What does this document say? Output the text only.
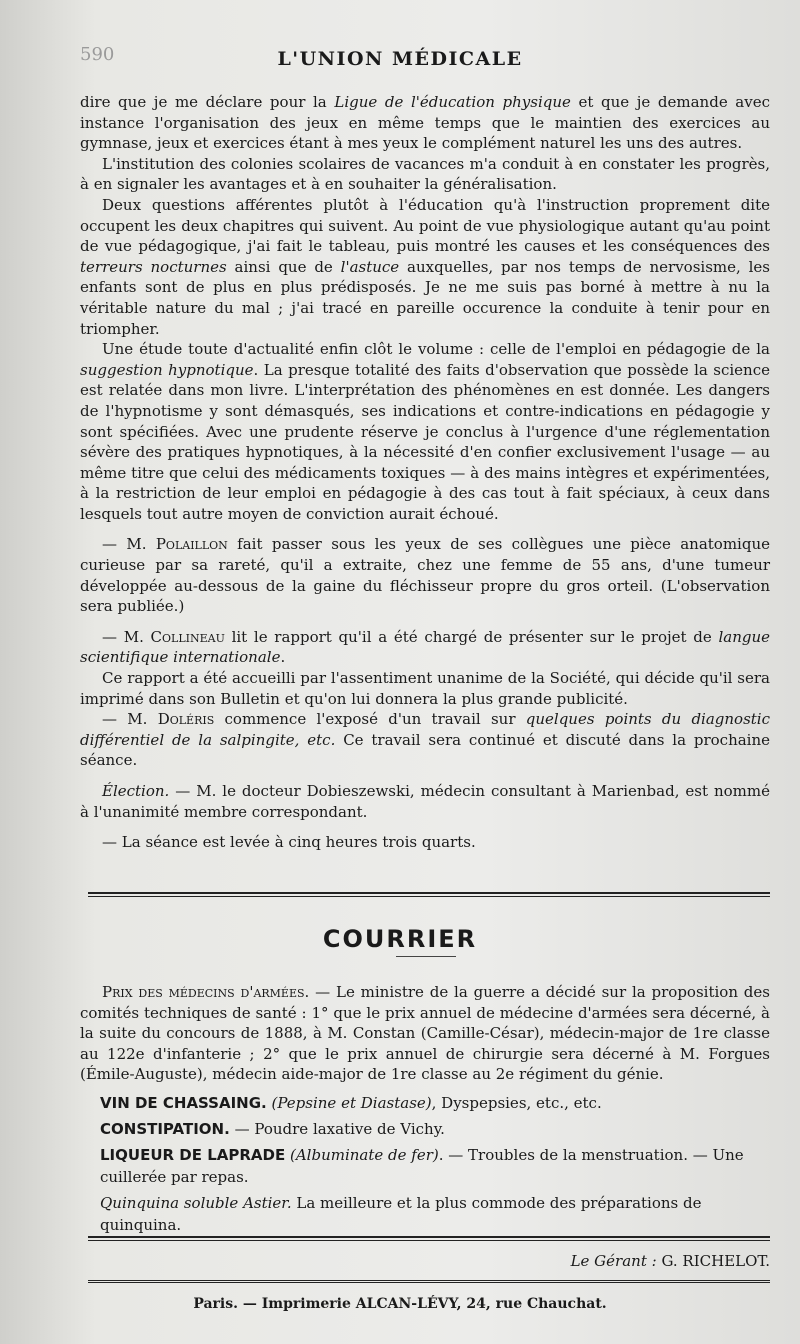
590	L'UNION MÉDICALE

dire que je me déclare pour la Ligue de l'éducation physique et que je demande avec instance l'organisation des jeux en même temps que le maintien des exercices au gymnase, jeux et exercices étant à mes yeux le complément naturel les uns des autres.

L'institution des colonies scolaires de vacances m'a conduit à en constater les progrès, à en signaler les avantages et à en souhaiter la généralisation.

Deux questions afférentes plutôt à l'éducation qu'à l'instruction proprement dite occupent les deux chapitres qui suivent. Au point de vue physiologique autant qu'au point de vue pédagogique, j'ai fait le tableau, puis montré les causes et les conséquences des terreurs nocturnes ainsi que de l'astuce auxquelles, par nos temps de nervosisme, les enfants sont de plus en plus prédisposés. Je ne me suis pas borné à mettre à nu la véritable nature du mal ; j'ai tracé en pareille occurence la conduite à tenir pour en triompher.

Une étude toute d'actualité enfin clôt le volume : celle de l'emploi en pédagogie de la suggestion hypnotique. La presque totalité des faits d'observation que possède la science est relatée dans mon livre. L'interprétation des phénomènes en est donnée. Les dangers de l'hypnotisme y sont démasqués, ses indications et contre-indications en pédagogie y sont spécifiées. Avec une prudente réserve je conclus à l'urgence d'une réglementation sévère des pratiques hypnotiques, à la nécessité d'en confier exclusivement l'usage — au même titre que celui des médicaments toxiques — à des mains intègres et expérimentées, à la restriction de leur emploi en pédagogie à des cas tout à fait spéciaux, à ceux dans lesquels tout autre moyen de conviction aurait échoué.

— M. Polaillon fait passer sous les yeux de ses collègues une pièce anatomique curieuse par sa rareté, qu'il a extraite, chez une femme de 55 ans, d'une tumeur développée au-dessous de la gaine du fléchisseur propre du gros orteil. (L'observation sera publiée.)

— M. Collineau lit le rapport qu'il a été chargé de présenter sur le projet de langue scientifique internationale.

Ce rapport a été accueilli par l'assentiment unanime de la Société, qui décide qu'il sera imprimé dans son Bulletin et qu'on lui donnera la plus grande publicité.

— M. Doléris commence l'exposé d'un travail sur quelques points du diagnostic différentiel de la salpingite, etc. Ce travail sera continué et discuté dans la prochaine séance.

Élection. — M. le docteur Dobieszewski, médecin consultant à Marienbad, est nommé à l'unanimité membre correspondant.

— La séance est levée à cinq heures trois quarts.

COURRIER

Prix des médecins d'armées. — Le ministre de la guerre a décidé sur la proposition des comités techniques de santé : 1° que le prix annuel de médecine d'armées sera décerné, à la suite du concours de 1888, à M. Constan (Camille-César), médecin-major de 1re classe au 122e d'infanterie ; 2° que le prix annuel de chirurgie sera décerné à M. Forgues (Émile-Auguste), médecin aide-major de 1re classe au 2e régiment du génie.

VIN DE CHASSAING. (Pepsine et Diastase), Dyspepsies, etc., etc.

CONSTIPATION. — Poudre laxative de Vichy.

LIQUEUR DE LAPRADE (Albuminate de fer). — Troubles de la menstruation. — Une cuillerée par repas.

Quinquina soluble Astier. La meilleure et la plus commode des préparations de quinquina.

Le Gérant : G. RICHELOT.
Paris. — Imprimerie ALCAN-LÉVY, 24, rue Chauchat.
